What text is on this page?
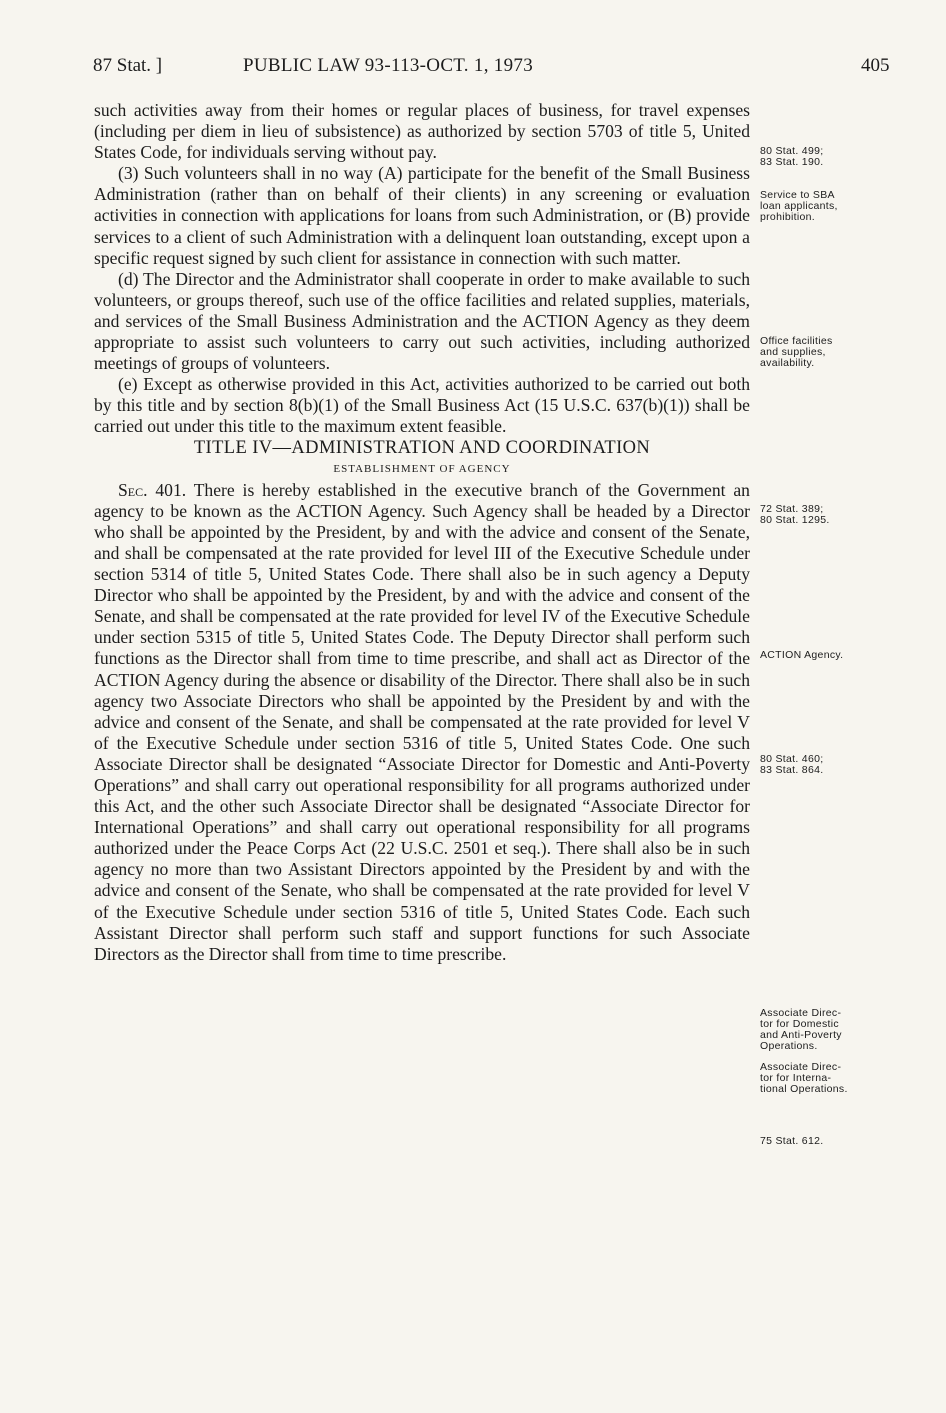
87 Stat. ]	PUBLIC LAW 93-113-OCT. 1, 1973	405

such activities away from their homes or regular places of business, for travel expenses (including per diem in lieu of subsistence) as authorized by section 5703 of title 5, United States Code, for individuals serving without pay.

(3) Such volunteers shall in no way (A) participate for the benefit of the Small Business Administration (rather than on behalf of their clients) in any screening or evaluation activities in connection with applications for loans from such Administration, or (B) provide services to a client of such Administration with a delinquent loan outstanding, except upon a specific request signed by such client for assistance in connection with such matter.

(d) The Director and the Administrator shall cooperate in order to make available to such volunteers, or groups thereof, such use of the office facilities and related supplies, materials, and services of the Small Business Administration and the ACTION Agency as they deem appropriate to assist such volunteers to carry out such activities, including authorized meetings of groups of volunteers.

(e) Except as otherwise provided in this Act, activities authorized to be carried out both by this title and by section 8(b)(1) of the Small Business Act (15 U.S.C. 637(b)(1)) shall be carried out under this title to the maximum extent feasible.

TITLE IV—ADMINISTRATION AND COORDINATION

ESTABLISHMENT OF AGENCY

Sec. 401. There is hereby established in the executive branch of the Government an agency to be known as the ACTION Agency. Such Agency shall be headed by a Director who shall be appointed by the President, by and with the advice and consent of the Senate, and shall be compensated at the rate provided for level III of the Executive Schedule under section 5314 of title 5, United States Code. There shall also be in such agency a Deputy Director who shall be appointed by the President, by and with the advice and consent of the Senate, and shall be compensated at the rate provided for level IV of the Executive Schedule under section 5315 of title 5, United States Code. The Deputy Director shall perform such functions as the Director shall from time to time prescribe, and shall act as Director of the ACTION Agency during the absence or disability of the Director. There shall also be in such agency two Associate Directors who shall be appointed by the President by and with the advice and consent of the Senate, and shall be compensated at the rate provided for level V of the Executive Schedule under section 5316 of title 5, United States Code. One such Associate Director shall be designated “Associate Director for Domestic and Anti-Poverty Operations” and shall carry out operational responsibility for all programs authorized under this Act, and the other such Associate Director shall be designated “Associate Director for International Operations” and shall carry out operational responsibility for all programs authorized under the Peace Corps Act (22 U.S.C. 2501 et seq.). There shall also be in such agency no more than two Assistant Directors appointed by the President by and with the advice and consent of the Senate, who shall be compensated at the rate provided for level V of the Executive Schedule under section 5316 of title 5, United States Code. Each such Assistant Director shall perform such staff and support functions for such Associate Directors as the Director shall from time to time prescribe.

80 Stat. 499;
83 Stat. 190.
Service to SBA
loan applicants,
prohibition.
Office facilities
and supplies,
availability.
72 Stat. 389;
80 Stat. 1295.
ACTION Agency.
80 Stat. 460;
83 Stat. 864.
Associate Direc-
tor for Domestic
and Anti-Poverty
Operations.
Associate Direc-
tor for Interna-
tional Operations.
75 Stat. 612.
